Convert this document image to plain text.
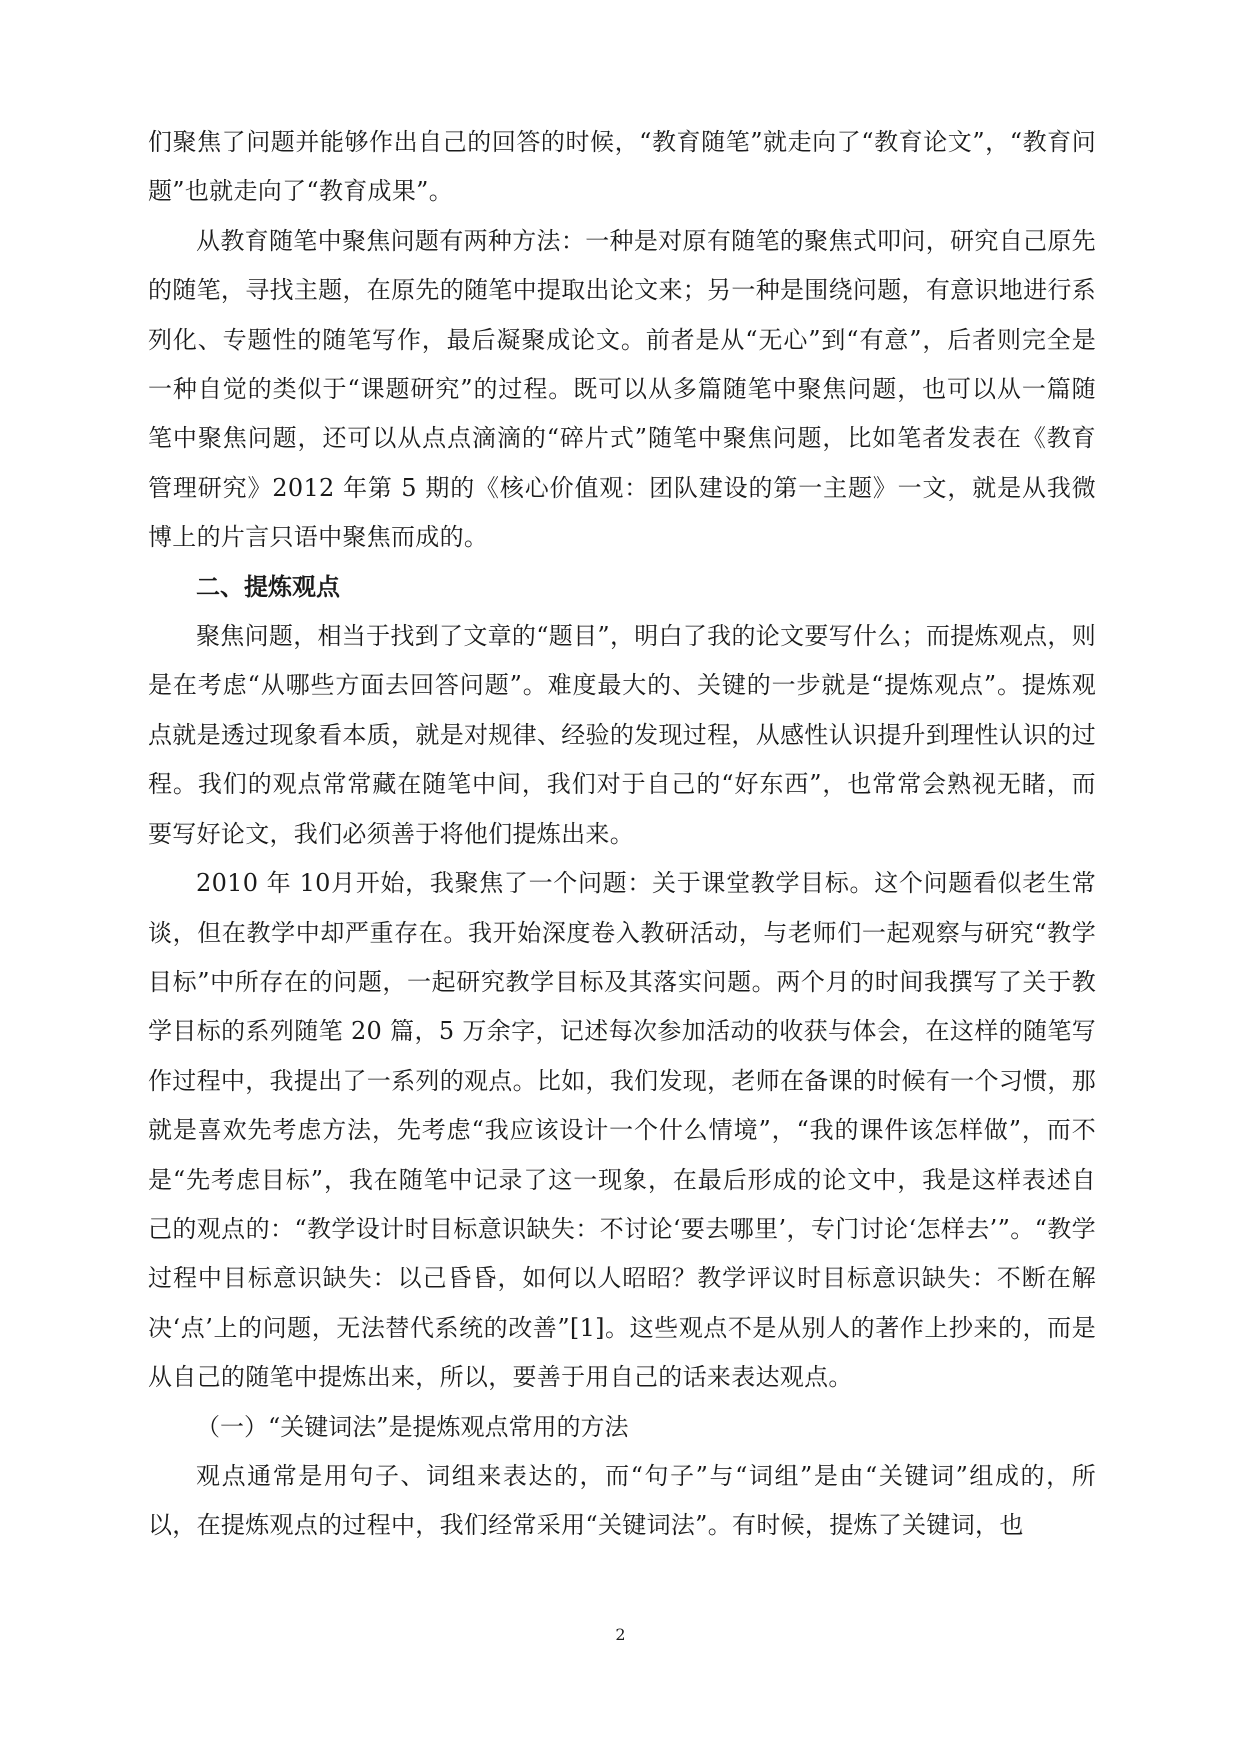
们聚焦了问题并能够作出自己的回答的时候，“教育随笔”就走向了“教育论文”，“教育问题”也就走向了“教育成果”。

从教育随笔中聚焦问题有两种方法：一种是对原有随笔的聚焦式叩问，研究自己原先的随笔，寻找主题，在原先的随笔中提取出论文来；另一种是围绕问题，有意识地进行系列化、专题性的随笔写作，最后凝聚成论文。前者是从“无心”到“有意”，后者则完全是一种自觉的类似于“课题研究”的过程。既可以从多篇随笔中聚焦问题，也可以从一篇随笔中聚焦问题，还可以从点点滴滴的“碎片式”随笔中聚焦问题，比如笔者发表在《教育管理研究》2012 年第 5 期的《核心价值观：团队建设的第一主题》一文，就是从我微博上的片言只语中聚焦而成的。

二、提炼观点

聚焦问题，相当于找到了文章的“题目”，明白了我的论文要写什么；而提炼观点，则是在考虑“从哪些方面去回答问题”。难度最大的、关键的一步就是“提炼观点”。提炼观点就是透过现象看本质，就是对规律、经验的发现过程，从感性认识提升到理性认识的过程。我们的观点常常藏在随笔中间，我们对于自己的“好东西”，也常常会熟视无睹，而要写好论文，我们必须善于将他们提炼出来。

2010 年 10月开始，我聚焦了一个问题：关于课堂教学目标。这个问题看似老生常谈，但在教学中却严重存在。我开始深度卷入教研活动，与老师们一起观察与研究“教学目标”中所存在的问题，一起研究教学目标及其落实问题。两个月的时间我撰写了关于教学目标的系列随笔 20 篇，5 万余字，记述每次参加活动的收获与体会，在这样的随笔写作过程中，我提出了一系列的观点。比如，我们发现，老师在备课的时候有一个习惯，那就是喜欢先考虑方法，先考虑“我应该设计一个什么情境”，“我的课件该怎样做”，而不是“先考虑目标”，我在随笔中记录了这一现象，在最后形成的论文中，我是这样表述自己的观点的：“教学设计时目标意识缺失：不讨论‘要去哪里’，专门讨论‘怎样去’”。“教学过程中目标意识缺失：以己昏昏，如何以人昭昭？教学评议时目标意识缺失：不断在解决‘点’上的问题，无法替代系统的改善”[1]。这些观点不是从别人的著作上抄来的，而是从自己的随笔中提炼出来，所以，要善于用自己的话来表达观点。

（一）“关键词法”是提炼观点常用的方法

观点通常是用句子、词组来表达的，而“句子”与“词组”是由“关键词”组成的，所以，在提炼观点的过程中，我们经常采用“关键词法”。有时候，提炼了关键词，也

2
